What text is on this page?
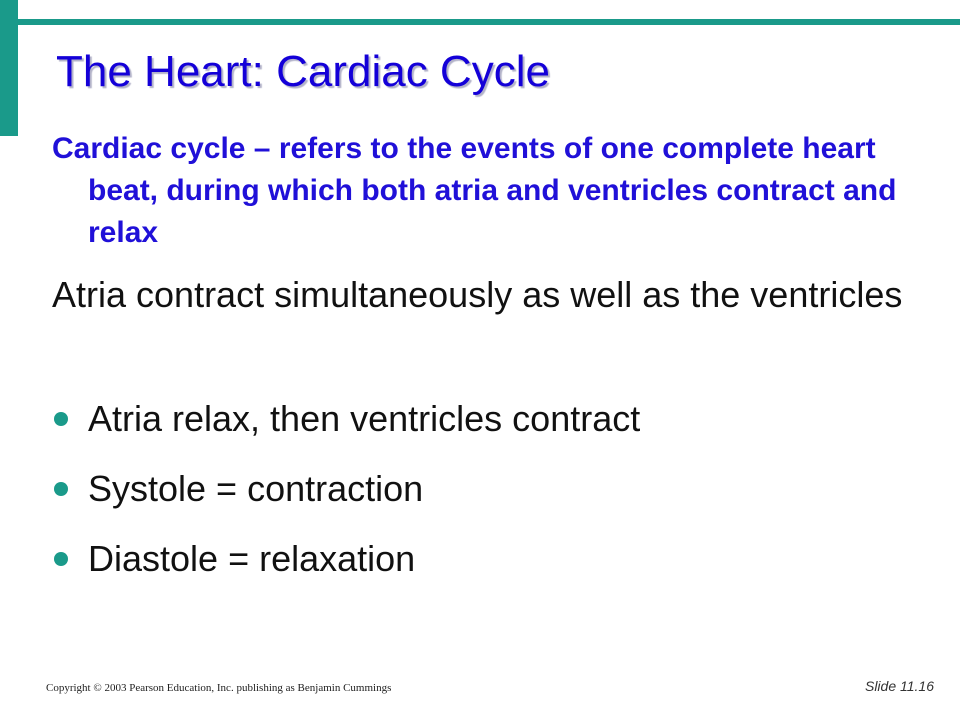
The Heart: Cardiac Cycle

Cardiac cycle – refers to the events of one complete heart beat, during which both atria and ventricles contract and relax

Atria contract simultaneously as well as the ventricles

Atria relax, then ventricles contract
Systole = contraction
Diastole = relaxation

Copyright © 2003 Pearson Education, Inc. publishing as Benjamin Cummings	Slide 11.16
